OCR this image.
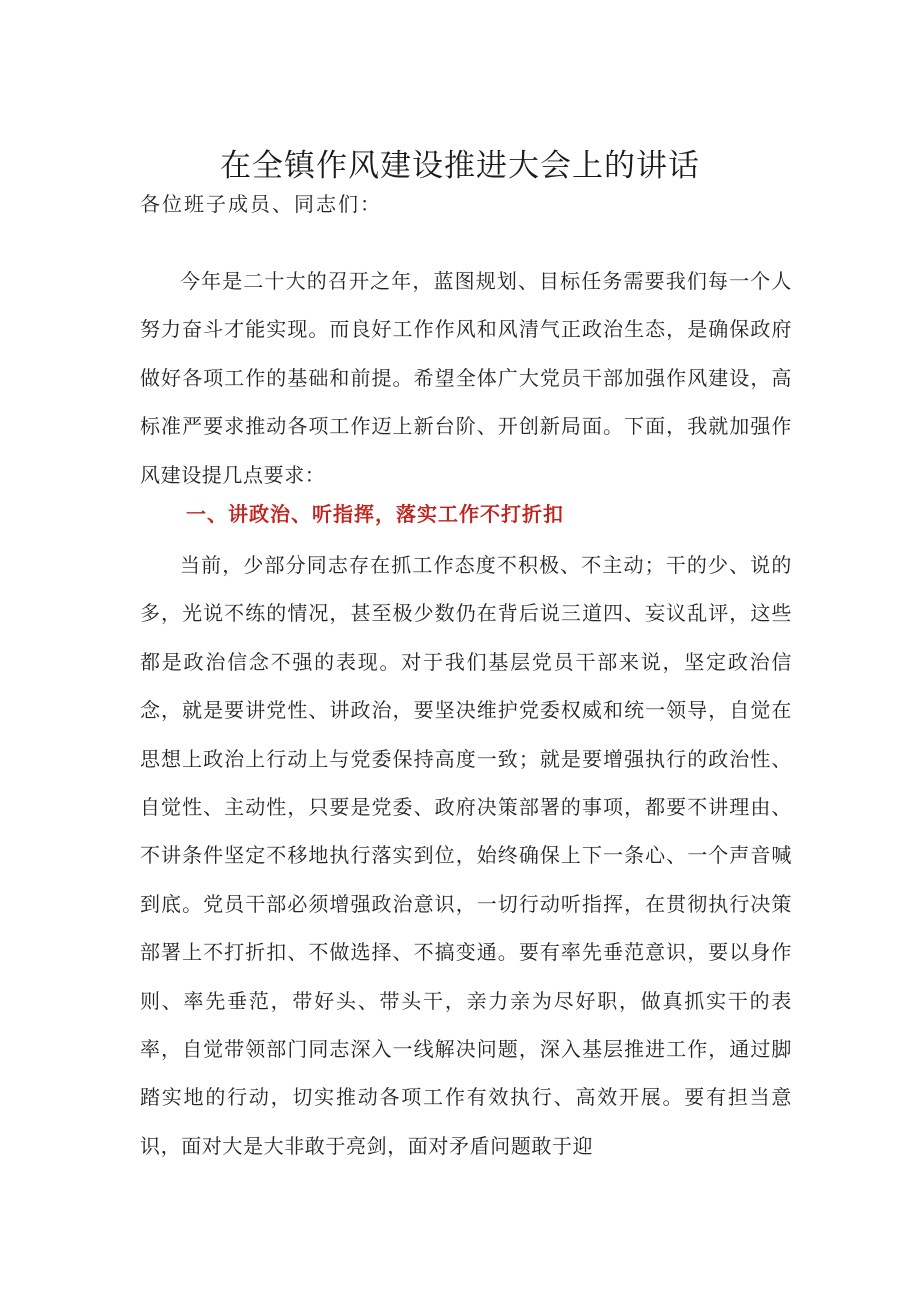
在全镇作风建设推进大会上的讲话

各位班子成员、同志们：

今年是二十大的召开之年，蓝图规划、目标任务需要我们每一个人努力奋斗才能实现。而良好工作作风和风清气正政治生态，是确保政府做好各项工作的基础和前提。希望全体广大党员干部加强作风建设，高标准严要求推动各项工作迈上新台阶、开创新局面。下面，我就加强作风建设提几点要求：

一、讲政治、听指挥，落实工作不打折扣

当前，少部分同志存在抓工作态度不积极、不主动；干的少、说的多，光说不练的情况，甚至极少数仍在背后说三道四、妄议乱评，这些都是政治信念不强的表现。对于我们基层党员干部来说，坚定政治信念，就是要讲党性、讲政治，要坚决维护党委权威和统一领导，自觉在思想上政治上行动上与党委保持高度一致；就是要增强执行的政治性、自觉性、主动性，只要是党委、政府决策部署的事项，都要不讲理由、不讲条件坚定不移地执行落实到位，始终确保上下一条心、一个声音喊到底。党员干部必须增强政治意识，一切行动听指挥，在贯彻执行决策部署上不打折扣、不做选择、不搞变通。要有率先垂范意识，要以身作则、率先垂范，带好头、带头干，亲力亲为尽好职，做真抓实干的表率，自觉带领部门同志深入一线解决问题，深入基层推进工作，通过脚踏实地的行动，切实推动各项工作有效执行、高效开展。要有担当意识，面对大是大非敢于亮剑，面对矛盾问题敢于迎
